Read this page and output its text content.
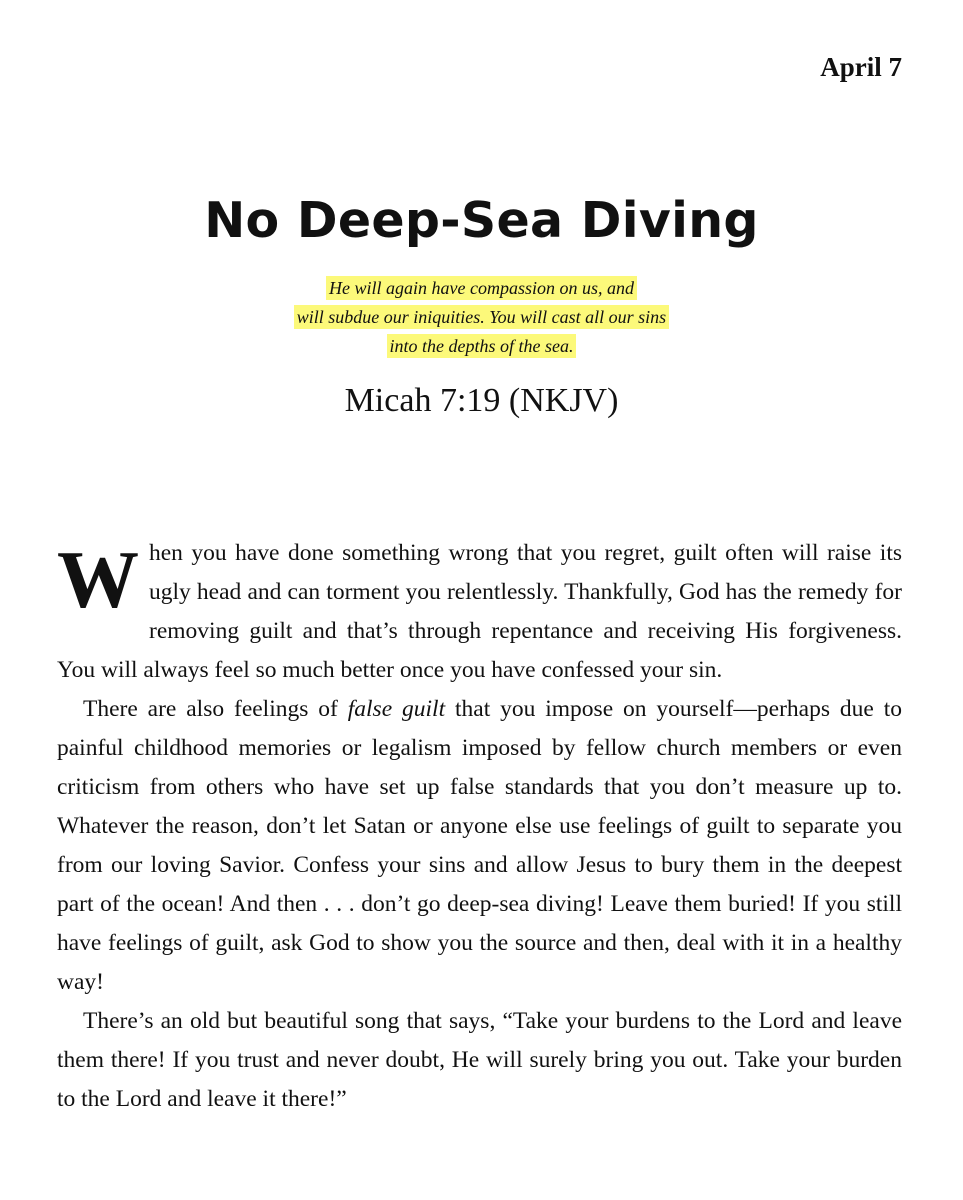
April 7
No Deep-Sea Diving
He will again have compassion on us, and
will subdue our iniquities. You will cast all our sins
into the depths of the sea.
Micah 7:19 (NKJV)

When you have done something wrong that you regret, guilt often will raise its ugly head and can torment you relentlessly. Thankfully, God has the remedy for removing guilt and that’s through repentance and receiving His forgiveness. You will always feel so much better once you have confessed your sin.

There are also feelings of false guilt that you impose on yourself—perhaps due to painful childhood memories or legalism imposed by fellow church members or even criticism from others who have set up false standards that you don’t measure up to. Whatever the reason, don’t let Satan or anyone else use feelings of guilt to separate you from our loving Savior. Confess your sins and allow Jesus to bury them in the deepest part of the ocean! And then . . . don’t go deep-sea diving! Leave them buried! If you still have feelings of guilt, ask God to show you the source and then, deal with it in a healthy way!

There’s an old but beautiful song that says, “Take your burdens to the Lord and leave them there! If you trust and never doubt, He will surely bring you out. Take your burden to the Lord and leave it there!”
